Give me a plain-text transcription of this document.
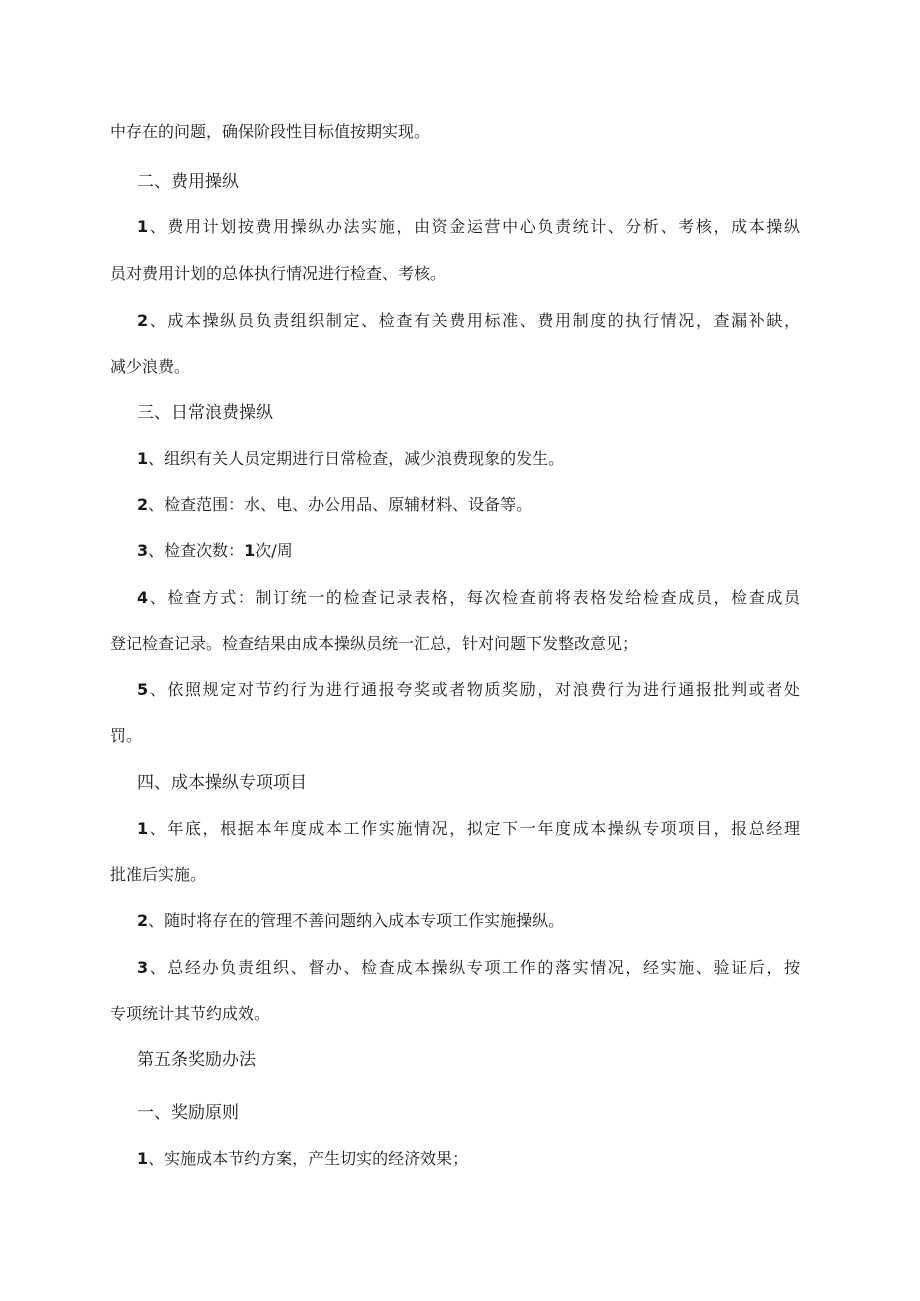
中存在的问题，确保阶段性目标值按期实现。
二、费用操纵
1、费用计划按费用操纵办法实施，由资金运营中心负责统计、分析、考核，成本操纵
员对费用计划的总体执行情况进行检查、考核。
2、成本操纵员负责组织制定、检查有关费用标准、费用制度的执行情况，查漏补缺，
减少浪费。
三、日常浪费操纵
1、组织有关人员定期进行日常检查，减少浪费现象的发生。
2、检查范围：水、电、办公用品、原辅材料、设备等。
3、检查次数：1次/周
4、检查方式：制订统一的检查记录表格，每次检查前将表格发给检查成员，检查成员
登记检查记录。检查结果由成本操纵员统一汇总，针对问题下发整改意见；
5、依照规定对节约行为进行通报夸奖或者物质奖励，对浪费行为进行通报批判或者处
罚。
四、成本操纵专项项目
1、年底，根据本年度成本工作实施情况，拟定下一年度成本操纵专项项目，报总经理
批准后实施。
2、随时将存在的管理不善问题纳入成本专项工作实施操纵。
3、总经办负责组织、督办、检查成本操纵专项工作的落实情况，经实施、验证后，按
专项统计其节约成效。
第五条奖励办法
一、奖励原则
1、实施成本节约方案，产生切实的经济效果；
